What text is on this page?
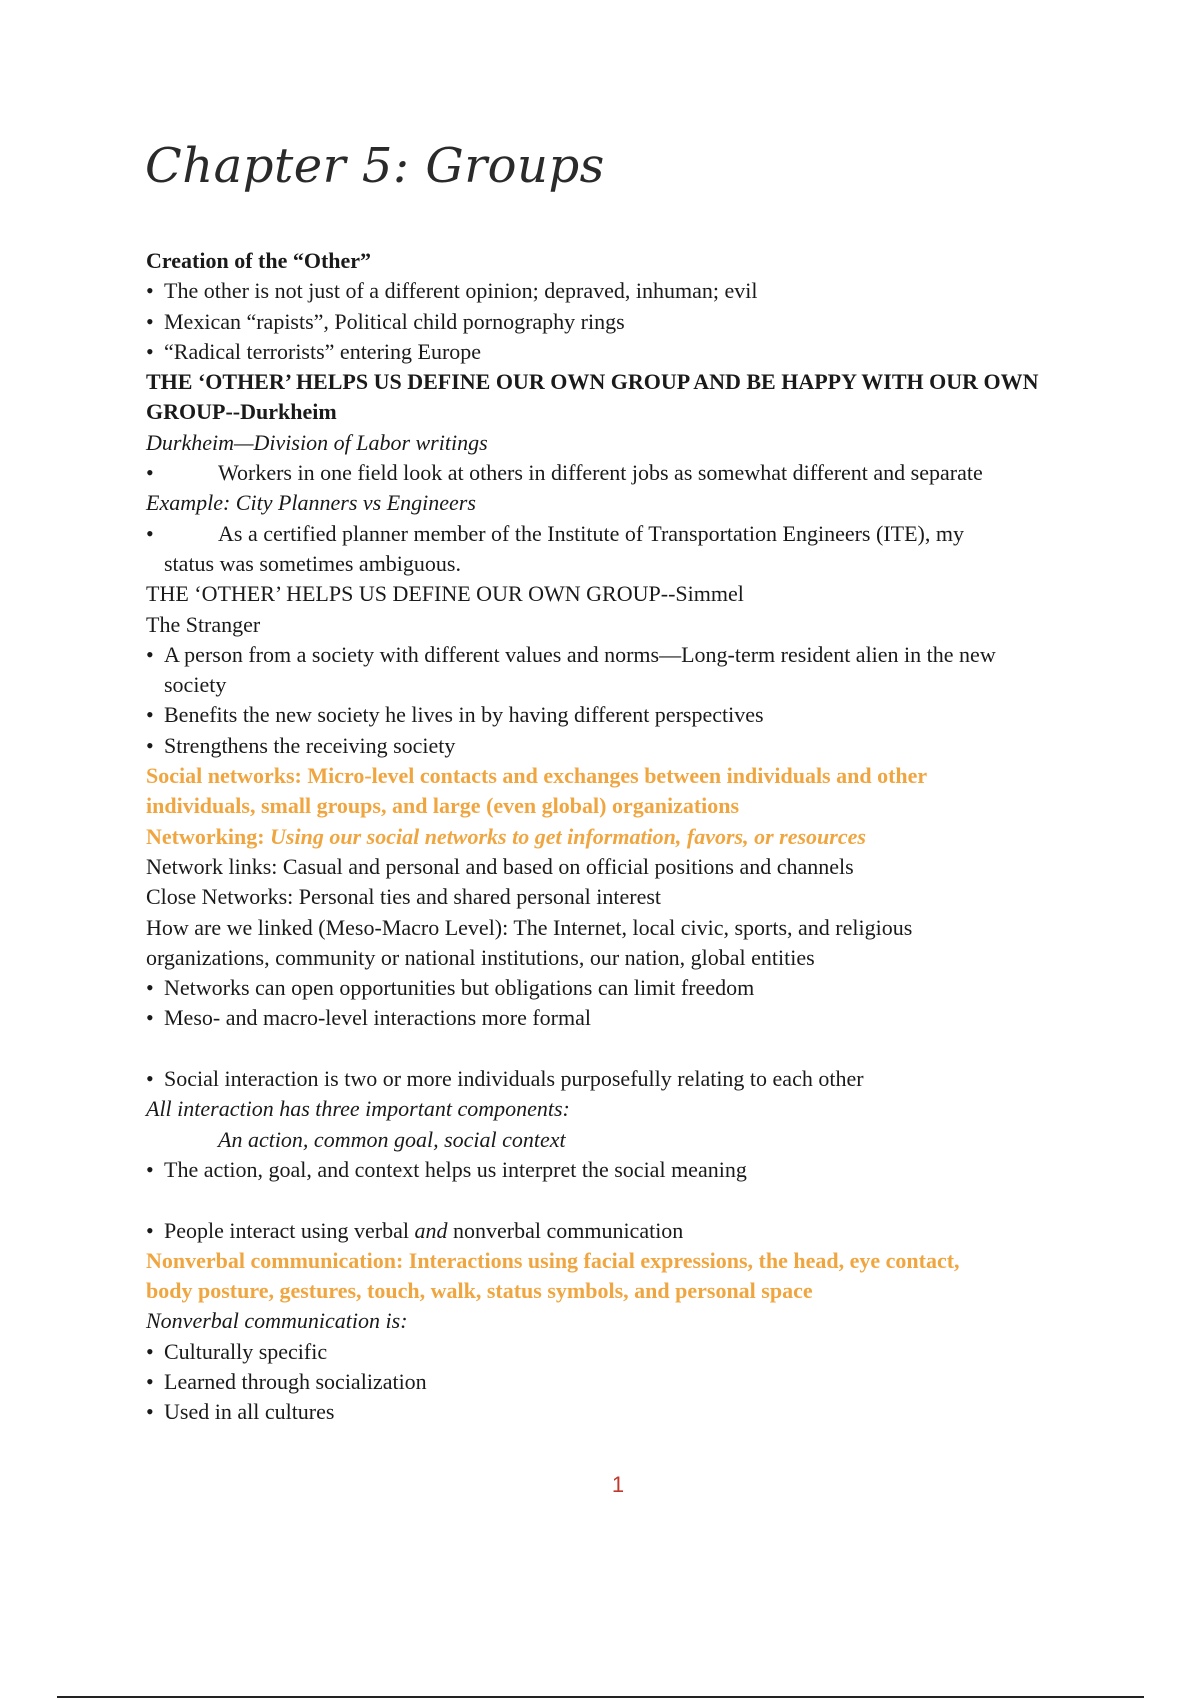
Chapter 5: Groups

Creation of the “Other”

• The other is not just of a different opinion; depraved, inhuman; evil

• Mexican “rapists”, Political child pornography rings

• “Radical terrorists” entering Europe

THE ‘OTHER’ HELPS US DEFINE OUR OWN GROUP AND BE HAPPY WITH OUR OWN GROUP--Durkheim

Durkheim—Division of Labor writings

•	Workers in one field look at others in different jobs as somewhat different and separate

Example: City Planners vs Engineers

•	As a certified planner member of the Institute of Transportation Engineers (ITE), my

status was sometimes ambiguous.

THE ‘OTHER’ HELPS US DEFINE OUR OWN GROUP--Simmel

The Stranger

• A person from a society with different values and norms—Long-term resident alien in the new

society

• Benefits the new society he lives in by having different perspectives

• Strengthens the receiving society

Social networks: Micro-level contacts and exchanges between individuals and other

individuals, small groups, and large (even global) organizations

Networking: Using our social networks to get information, favors, or resources

Network links: Casual and personal and based on official positions and channels

Close Networks: Personal ties and shared personal interest

How are we linked (Meso-Macro Level): The Internet, local civic, sports, and religious

organizations, community or national institutions, our nation, global entities

• Networks can open opportunities but obligations can limit freedom

• Meso- and macro-level interactions more formal

• Social interaction is two or more individuals purposefully relating to each other

All interaction has three important components:

An action, common goal, social context

• The action, goal, and context helps us interpret the social meaning

• People interact using verbal and nonverbal communication

Nonverbal communication: Interactions using facial expressions, the head, eye contact,

body posture, gestures, touch, walk, status symbols, and personal space

Nonverbal communication is:

• Culturally specific

• Learned through socialization

• Used in all cultures

1
